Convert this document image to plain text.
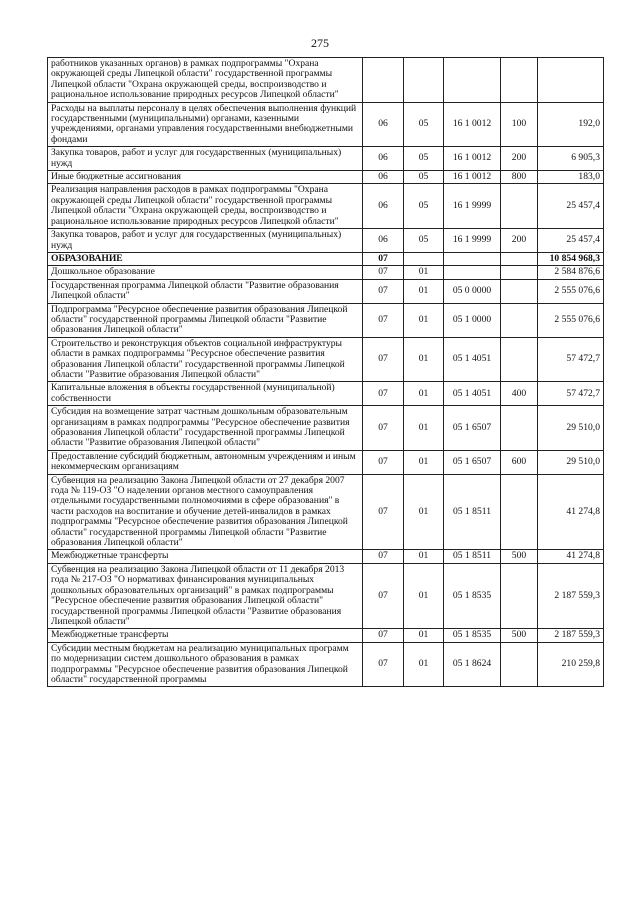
275
работников указанных органов) в рамках подпрограммы "Охрана окружающей среды Липецкой области" государственной программы Липецкой области "Охрана окружающей среды, воспроизводство и рациональное использование природных ресурсов Липецкой области"					
Расходы на выплаты персоналу в целях обеспечения выполнения функций государственными (муниципальными) органами, казенными учреждениями, органами управления государственными внебюджетными фондами	06	05	16 1 0012	100	192,0
Закупка товаров, работ и услуг для государственных (муниципальных) нужд	06	05	16 1 0012	200	6 905,3
Иные бюджетные ассигнования	06	05	16 1 0012	800	183,0
Реализация направления расходов в рамках подпрограммы "Охрана окружающей среды Липецкой области" государственной программы Липецкой области "Охрана окружающей среды, воспроизводство и рациональное использование природных ресурсов Липецкой области"	06	05	16 1 9999		25 457,4
Закупка товаров, работ и услуг для государственных (муниципальных) нужд	06	05	16 1 9999	200	25 457,4
ОБРАЗОВАНИЕ	07				10 854 968,3
Дошкольное образование	07	01			2 584 876,6
Государственная программа Липецкой области "Развитие образования Липецкой области"	07	01	05 0 0000		2 555 076,6
Подпрограмма "Ресурсное обеспечение развития образования Липецкой области" государственной программы Липецкой области "Развитие образования Липецкой области"	07	01	05 1 0000		2 555 076,6
Строительство и реконструкция объектов социальной инфраструктуры области в рамках подпрограммы "Ресурсное обеспечение развития образования Липецкой области" государственной программы Липецкой области "Развитие образования Липецкой области"	07	01	05 1 4051		57 472,7
Капитальные вложения в объекты государственной (муниципальной) собственности	07	01	05 1 4051	400	57 472,7
Субсидия на возмещение затрат частным дошкольным образовательным организациям в рамках подпрограммы "Ресурсное обеспечение развития образования Липецкой области" государственной программы Липецкой области "Развитие образования Липецкой области"	07	01	05 1 6507		29 510,0
Предоставление субсидий бюджетным, автономным учреждениям и иным некоммерческим организациям	07	01	05 1 6507	600	29 510,0
Субвенция на реализацию Закона Липецкой области от 27 декабря 2007 года № 119-ОЗ "О наделении органов местного самоуправления отдельными государственными полномочиями в сфере образования" в части расходов на воспитание и обучение детей-инвалидов в рамках подпрограммы "Ресурсное обеспечение развития образования Липецкой области" государственной программы Липецкой области "Развитие образования Липецкой области"	07	01	05 1 8511		41 274,8
Межбюджетные трансферты	07	01	05 1 8511	500	41 274,8
Субвенция на реализацию Закона Липецкой области от 11 декабря 2013 года № 217-ОЗ "О нормативах финансирования муниципальных дошкольных образовательных организаций" в рамках подпрограммы "Ресурсное обеспечение развития образования Липецкой области" государственной программы Липецкой области "Развитие образования Липецкой области"	07	01	05 1 8535		2 187 559,3
Межбюджетные трансферты	07	01	05 1 8535	500	2 187 559,3
Субсидии местным бюджетам на реализацию муниципальных программ по модернизации систем дошкольного образования в рамках подпрограммы "Ресурсное обеспечение развития образования Липецкой области" государственной программы	07	01	05 1 8624		210 259,8
